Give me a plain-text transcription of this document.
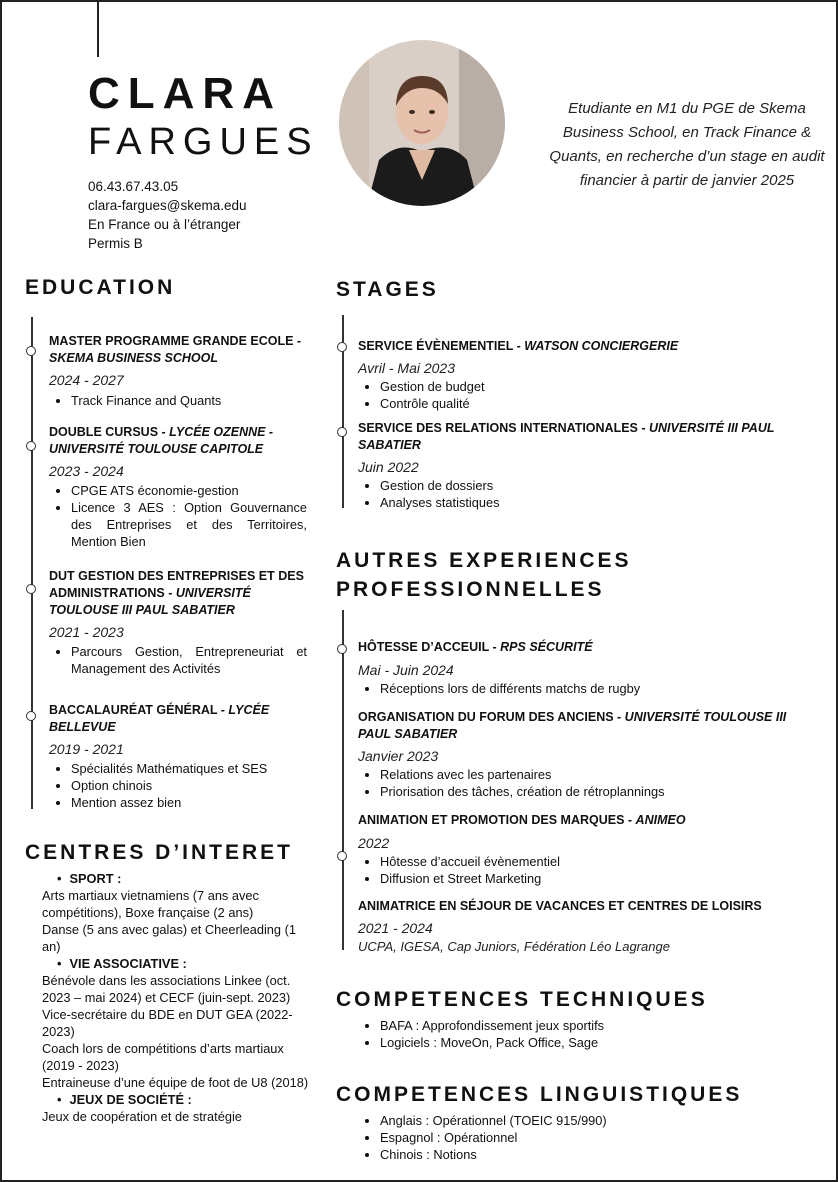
CLARA
FARGUES
06.43.67.43.05
clara-fargues@skema.edu
En France ou à l’étranger
Permis B
Etudiante en M1 du PGE de Skema Business School, en Track Finance & Quants, en recherche d’un stage en audit financier à partir de janvier 2025
EDUCATION
MASTER PROGRAMME GRANDE ECOLE - SKEMA BUSINESS SCHOOL
2024 - 2027
• Track Finance and Quants
DOUBLE CURSUS - LYCÉE OZENNE - UNIVERSITÉ TOULOUSE CAPITOLE
2023 - 2024
• CPGE ATS économie-gestion
• Licence 3 AES : Option Gouvernance des Entreprises et des Territoires, Mention Bien
DUT GESTION DES ENTREPRISES ET DES ADMINISTRATIONS - UNIVERSITÉ TOULOUSE III PAUL SABATIER
2021 - 2023
• Parcours Gestion, Entrepreneuriat et Management des Activités
BACCALAURÉAT GÉNÉRAL - LYCÉE BELLEVUE
2019 - 2021
• Spécialités Mathématiques et SES
• Option chinois
• Mention assez bien
CENTRES D’INTERET
• SPORT :
Arts martiaux vietnamiens (7 ans avec compétitions), Boxe française (2 ans)
Danse (5 ans avec galas) et Cheerleading (1 an)
• VIE ASSOCIATIVE :
Bénévole dans les associations Linkee (oct. 2023 – mai 2024) et CECF (juin-sept. 2023)
Vice-secrétaire du BDE en DUT GEA (2022-2023)
Coach lors de compétitions d’arts martiaux (2019 - 2023)
Entraineuse d’une équipe de foot de U8 (2018)
• JEUX DE SOCIÉTÉ :
Jeux de coopération et de stratégie
STAGES
SERVICE ÉVÈNEMENTIEL - WATSON CONCIERGERIE
Avril - Mai 2023
• Gestion de budget
• Contrôle qualité
SERVICE DES RELATIONS INTERNATIONALES - UNIVERSITÉ III PAUL SABATIER
Juin 2022
• Gestion de dossiers
• Analyses statistiques
AUTRES EXPERIENCES
PROFESSIONNELLES
HÔTESSE D’ACCEUIL - RPS SÉCURITÉ
Mai - Juin 2024
• Réceptions lors de différents matchs de rugby
ORGANISATION DU FORUM DES ANCIENS - UNIVERSITÉ TOULOUSE III PAUL SABATIER
Janvier 2023
• Relations avec les partenaires
• Priorisation des tâches, création de rétroplannings
ANIMATION ET PROMOTION DES MARQUES - ANIMEO
2022
• Hôtesse d’accueil évènementiel
• Diffusion et Street Marketing
ANIMATRICE EN SÉJOUR DE VACANCES ET CENTRES DE LOISIRS
2021 - 2024
UCPA, IGESA, Cap Juniors, Fédération Léo Lagrange
COMPETENCES TECHNIQUES
• BAFA : Approfondissement jeux sportifs
• Logiciels : MoveOn, Pack Office, Sage
COMPETENCES LINGUISTIQUES
• Anglais : Opérationnel (TOEIC 915/990)
• Espagnol : Opérationnel
• Chinois : Notions
